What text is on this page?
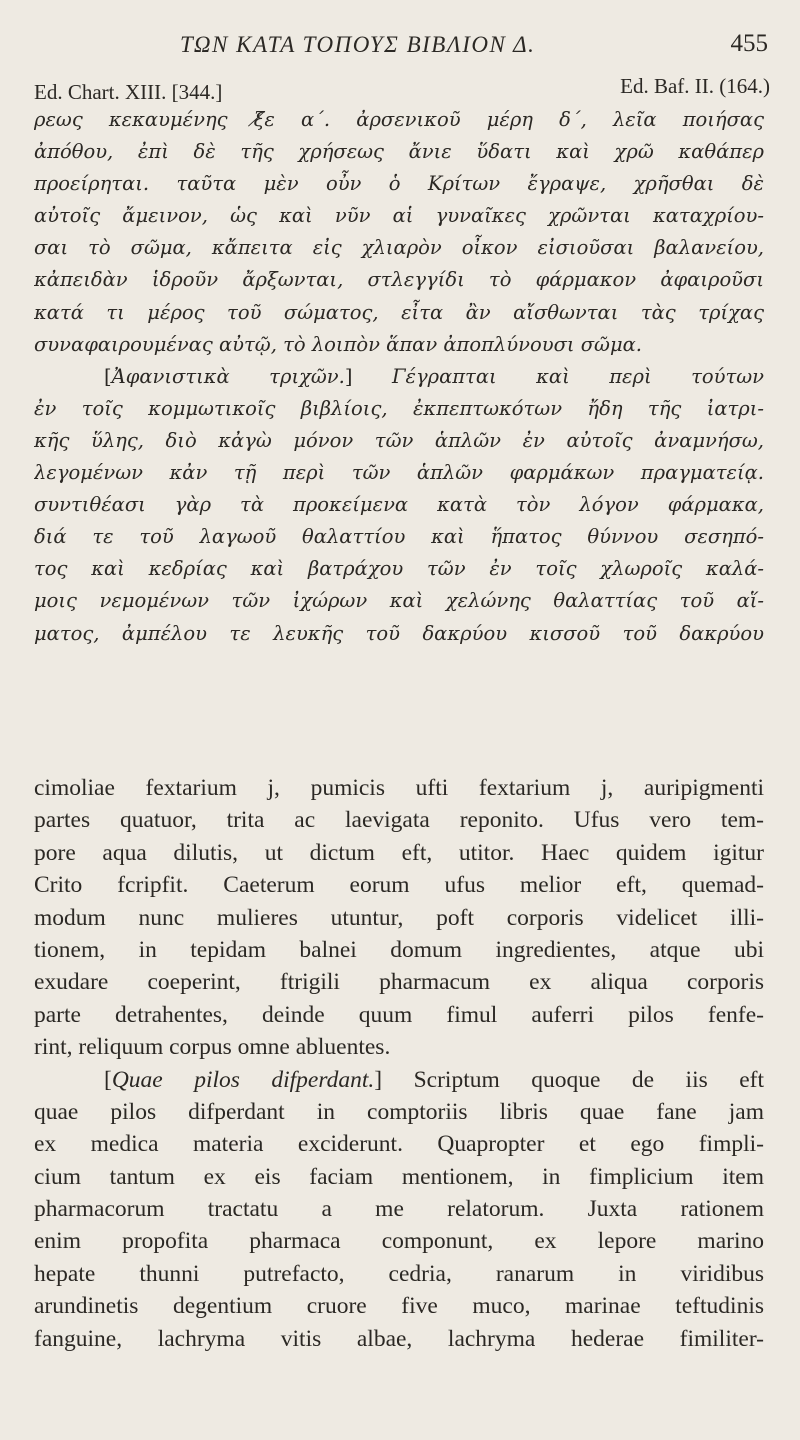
ΤΩΝ ΚΑΤΑ ΤΟΠΟΥΣ ΒΙΒΛΙΟΝ Δ.	455
Ed. Chart. XIII. [344.]	Ed. Baf. II. (164.)
ρεως κεκαυμένης ξ̸ε α΄. ἀρσενικοῦ μέρη δ΄, λεῖα ποιήσας
ἀπόθου, ἐπὶ δὲ τῆς χρήσεως ἄνιε ὕδατι καὶ χρῶ καθάπερ
προείρηται. ταῦτα μὲν οὖν ὁ Κρίτων ἔγραψε, χρῆσθαι δὲ
αὐτοῖς ἄμεινον, ὡς καὶ νῦν αἱ γυναῖκες χρῶνται καταχρίου-
σαι τὸ σῶμα, κἄπειτα εἰς χλιαρὸν οἶκον εἰσιοῦσαι βαλανείου,
κἀπειδὰν ἱδροῦν ἄρξωνται, στλεγγίδι τὸ φάρμακον ἀφαιροῦσι
κατά τι μέρος τοῦ σώματος, εἶτα ἂν αἴσθωνται τὰς τρίχας
συναφαιρουμένας αὐτῷ, τὸ λοιπὸν ἅπαν ἀποπλύνουσι σῶμα.
[Ἀφανιστικὰ τριχῶν.] Γέγραπται καὶ περὶ τούτων
ἐν τοῖς κομμωτικοῖς βιβλίοις, ἐκπεπτωκότων ἤδη τῆς ἰατρι-
κῆς ὕλης, διὸ κἀγὼ μόνον τῶν ἁπλῶν ἐν αὐτοῖς ἀναμνήσω,
λεγομένων κἀν τῇ περὶ τῶν ἁπλῶν φαρμάκων πραγματείᾳ.
συντιθέασι γὰρ τὰ προκείμενα κατὰ τὸν λόγον φάρμακα,
διά τε τοῦ λαγωοῦ θαλαττίου καὶ ἥπατος θύννου σεσηπό-
τος καὶ κεδρίας καὶ βατράχου τῶν ἐν τοῖς χλωροῖς καλά-
μοις νεμομένων τῶν ἰχώρων καὶ χελώνης θαλαττίας τοῦ αἵ-
ματος, ἀμπέλου τε λευκῆς τοῦ δακρύου κισσοῦ τοῦ δακρύου
cimoliae fextarium j, pumicis ufti fextarium j, auripigmenti
partes quatuor, trita ac laevigata reponito. Ufus vero tem-
pore aqua dilutis, ut dictum eft, utitor. Haec quidem igitur
Crito fcripfit. Caeterum eorum ufus melior eft, quemad-
modum nunc mulieres utuntur, poft corporis videlicet illi-
tionem, in tepidam balnei domum ingredientes, atque ubi
exudare coeperint, ftrigili pharmacum ex aliqua corporis
parte detrahentes, deinde quum fimul auferri pilos fenfe-
rint, reliquum corpus omne abluentes.
[Quae pilos difperdant.] Scriptum quoque de iis eft
quae pilos difperdant in comptoriis libris quae fane jam
ex medica materia exciderunt. Quapropter et ego fimpli-
cium tantum ex eis faciam mentionem, in fimplicium item
pharmacorum tractatu a me relatorum. Juxta rationem
enim propofita pharmaca componunt, ex lepore marino
hepate thunni putrefacto, cedria, ranarum in viridibus
arundinetis degentium cruore five muco, marinae teftudinis
fanguine, lachryma vitis albae, lachryma hederae fimiliter-
